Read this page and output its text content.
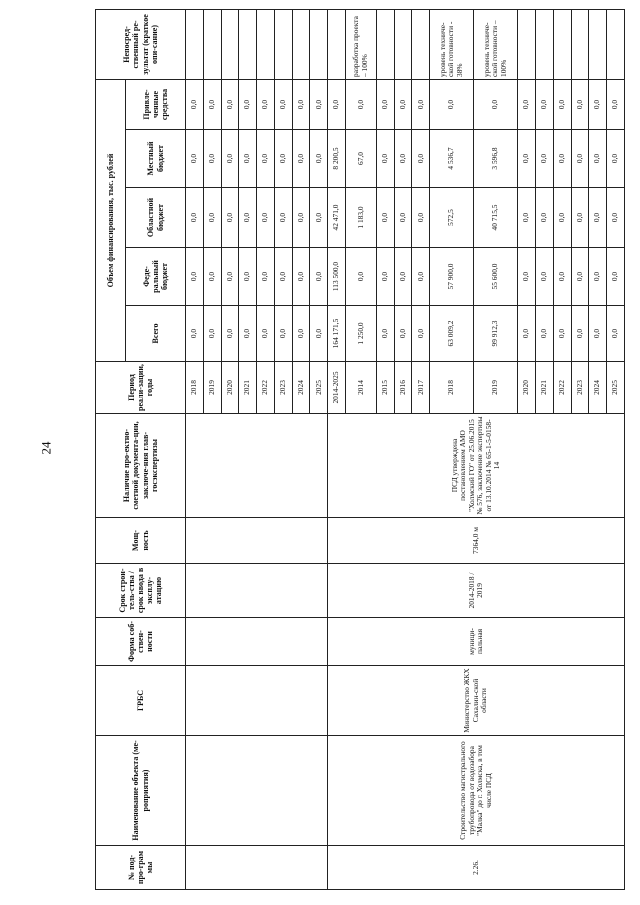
24
№ под-про-грам мы	Наименование объекта (ме-роприятия)	ГРБС	Форма соб-ствен-ности	Срок строи-тель-ства / срок ввода в эксплу-атацию	Мощ-ность	Наличие про-ектно-сметной документа-ции, заключе-ния глав-госэкспертизы	Период реали-зации, годы	Объем финансирования, тыс. рублей					Непосред-ственный ре-зультат (краткое опи-сание)
								Всего	Феде-ральный бюджет	Областной бюджет	Местный бюджет	Привле-ченные средства	
							2018	0,0	0,0	0,0	0,0	0,0	
							2019	0,0	0,0	0,0	0,0	0,0	
							2020	0,0	0,0	0,0	0,0	0,0	
							2021	0,0	0,0	0,0	0,0	0,0	
							2022	0,0	0,0	0,0	0,0	0,0	
							2023	0,0	0,0	0,0	0,0	0,0	
							2024	0,0	0,0	0,0	0,0	0,0	
							2025	0,0	0,0	0,0	0,0	0,0	
2.26.	Строительство магистрального трубопровода от водозабора "Малка" до г. Холмска, в том числе ПСД	Министерство ЖКХ Сахалин-ской области	муници-пальная	2014-2018 / 2019	7364,0 м	ПСД утверждена постановлением АМО "Холмский ГО" от 25.06.2015 № 576, заключение экспертизы от 13.10.2014 № 65-1-5-0158-14	2014-2025	164 171,5	113 500,0	42 471,0	8 200,5	0,0	
							2014	1 250,0	0,0	1 183,0	67,0	0,0	разработка проекта – 100%
							2015	0,0	0,0	0,0	0,0	0,0	
							2016	0,0	0,0	0,0	0,0	0,0	
							2017	0,0	0,0	0,0	0,0	0,0	
							2018	63 009,2	57 900,0	572,5	4 536,7	0,0	уровень техниче-ской готовности - 38%
							2019	99 912,3	55 600,0	40 715,5	3 596,8	0,0	уровень техниче-ской готовности – 100%
							2020	0,0	0,0	0,0	0,0	0,0	
							2021	0,0	0,0	0,0	0,0	0,0	
							2022	0,0	0,0	0,0	0,0	0,0	
							2023	0,0	0,0	0,0	0,0	0,0	
							2024	0,0	0,0	0,0	0,0	0,0	
							2025	0,0	0,0	0,0	0,0	0,0	
